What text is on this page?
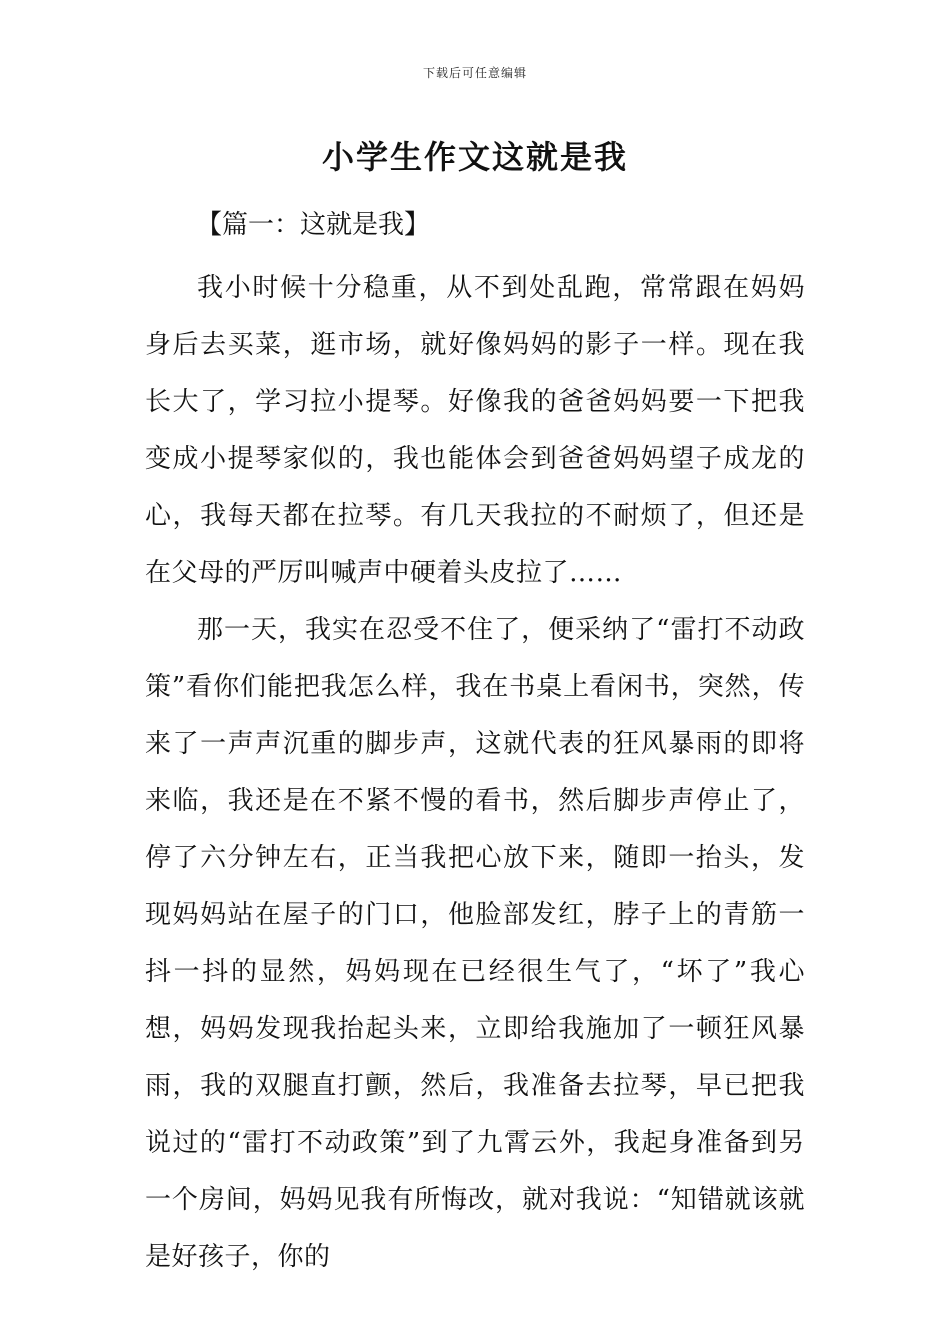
下载后可任意编辑
小学生作文这就是我
【篇一：这就是我】

我小时候十分稳重，从不到处乱跑，常常跟在妈妈身后去买菜，逛市场，就好像妈妈的影子一样。现在我长大了，学习拉小提琴。好像我的爸爸妈妈要一下把我变成小提琴家似的，我也能体会到爸爸妈妈望子成龙的心，我每天都在拉琴。有几天我拉的不耐烦了，但还是在父母的严厉叫喊声中硬着头皮拉了……

那一天，我实在忍受不住了，便采纳了“雷打不动政策”看你们能把我怎么样，我在书桌上看闲书，突然，传来了一声声沉重的脚步声，这就代表的狂风暴雨的即将来临，我还是在不紧不慢的看书，然后脚步声停止了，停了六分钟左右，正当我把心放下来，随即一抬头，发现妈妈站在屋子的门口，他脸部发红，脖子上的青筋一抖一抖的显然，妈妈现在已经很生气了，“坏了”我心想，妈妈发现我抬起头来，立即给我施加了一顿狂风暴雨，我的双腿直打颤，然后，我准备去拉琴，早已把我说过的“雷打不动政策”到了九霄云外，我起身准备到另一个房间，妈妈见我有所悔改，就对我说：“知错就该就是好孩子，你的
